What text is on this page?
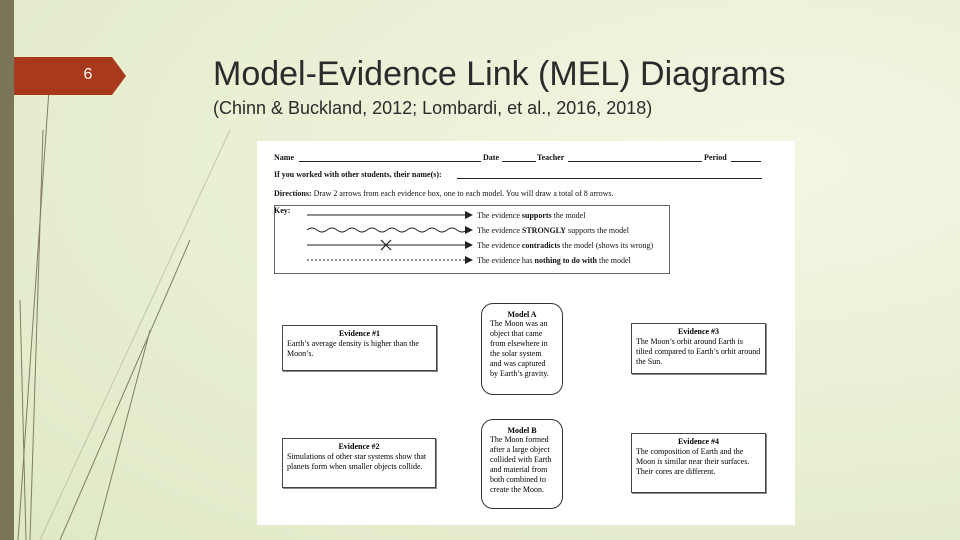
6	Model-Evidence Link (MEL) Diagrams
(Chinn & Buckland, 2012; Lombardi, et al., 2016, 2018)
Name	Date	Teacher	Period
If you worked with other students, their name(s):
Directions: Draw 2 arrows from each evidence box, one to each model. You will draw a total of 8 arrows.
Key:
The evidence supports the model
The evidence STRONGLY supports the model
The evidence contradicts the model (shows its wrong)
The evidence has nothing to do with the model
Evidence #1
Earth’s average density is higher than the Moon’s.
Evidence #2
Simulations of other star systems show that planets form when smaller objects collide.
Evidence #3
The Moon’s orbit around Earth is tilted compared to Earth’s orbit around the Sun.
Evidence #4
The composition of Earth and the Moon is similar near their surfaces. Their cores are different.
Model A
The Moon was an object that came from elsewhere in the solar system and was captured by Earth’s gravity.
Model B
The Moon formed after a large object collided with Earth and material from both combined to create the Moon.
